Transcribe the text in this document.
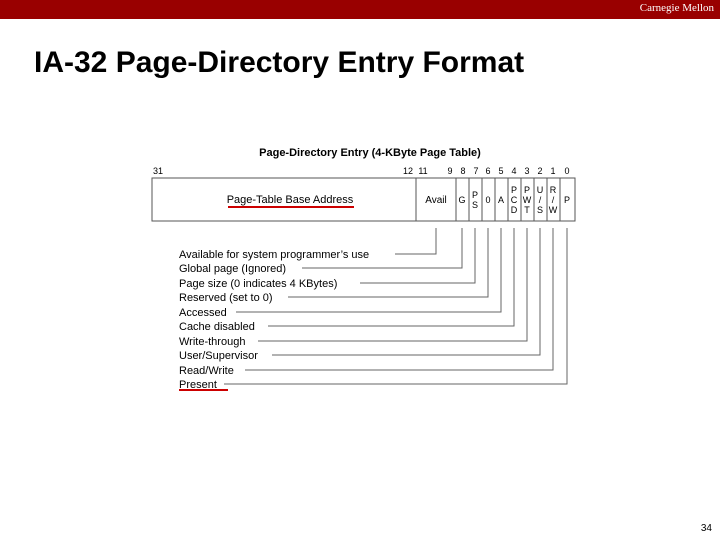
Carnegie Mellon
IA-32 Page-Directory Entry Format
Page-Directory Entry (4-KByte Page Table)
31	12 11 9 8 7 6 5 4 3 2 1 0
Page-Table Base Address	Avail G P
S 0 A
P
C
D
P
W
T
U
/
S
R
/
W
P
Available for system programmer’s use
Global page (Ignored)
Page size (0 indicates 4 KBytes)
Reserved (set to 0)
Accessed
Cache disabled
Write-through
User/Supervisor
Read/Write
Present
34
